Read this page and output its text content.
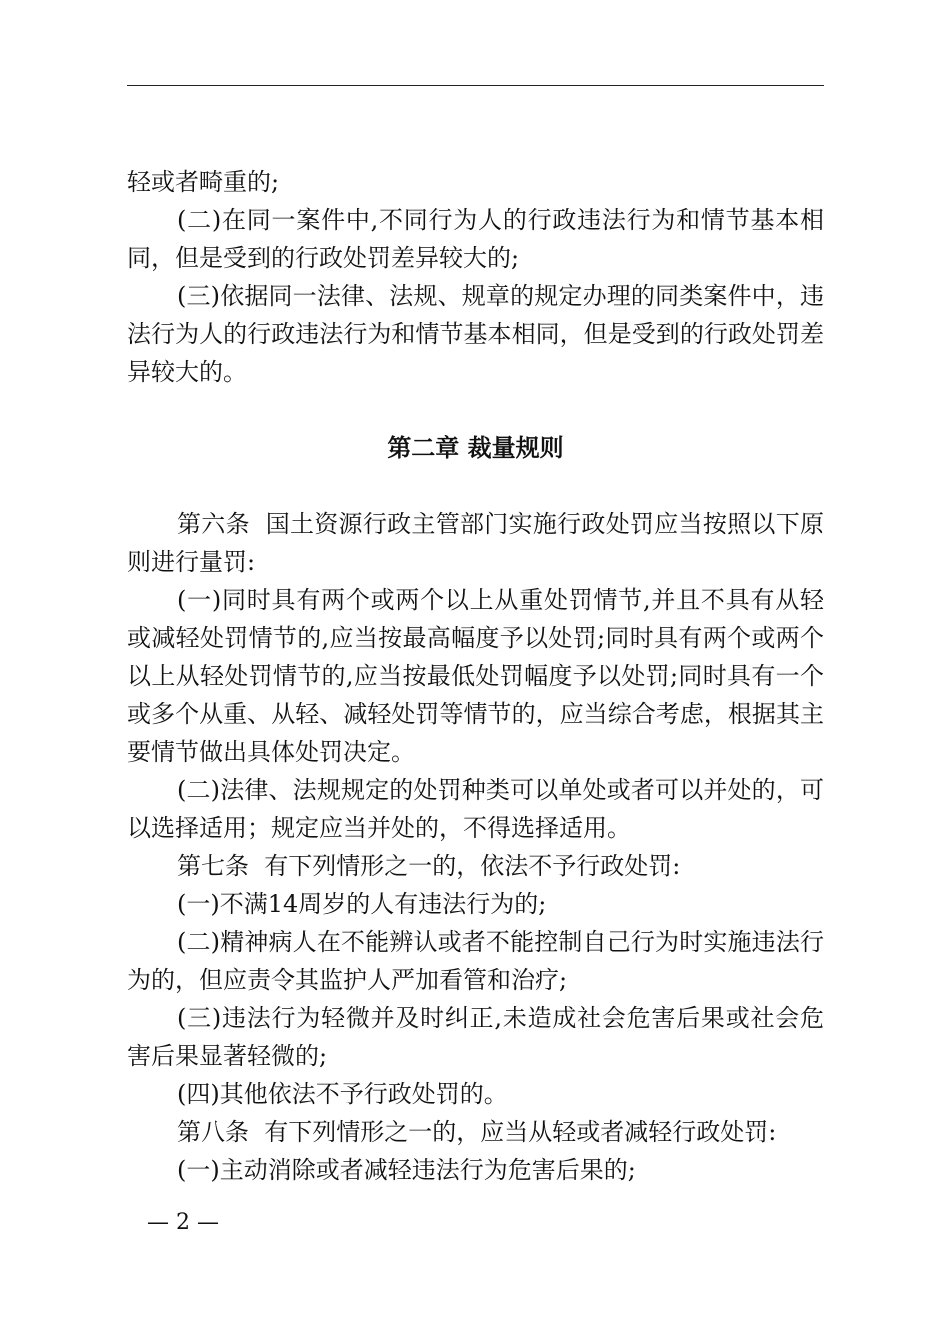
轻或者畸重的;

(二)在同一案件中,不同行为人的行政违法行为和情节基本相同，但是受到的行政处罚差异较大的;

(三)依据同一法律、法规、规章的规定办理的同类案件中，违法行为人的行政违法行为和情节基本相同，但是受到的行政处罚差异较大的。

第二章 裁量规则

第六条  国土资源行政主管部门实施行政处罚应当按照以下原则进行量罚:

(一)同时具有两个或两个以上从重处罚情节,并且不具有从轻或减轻处罚情节的,应当按最高幅度予以处罚;同时具有两个或两个以上从轻处罚情节的,应当按最低处罚幅度予以处罚;同时具有一个或多个从重、从轻、减轻处罚等情节的，应当综合考虑，根据其主要情节做出具体处罚决定。

(二)法律、法规规定的处罚种类可以单处或者可以并处的，可以选择适用；规定应当并处的，不得选择适用。

第七条  有下列情形之一的，依法不予行政处罚:

(一)不满14周岁的人有违法行为的;

(二)精神病人在不能辨认或者不能控制自己行为时实施违法行为的，但应责令其监护人严加看管和治疗;

(三)违法行为轻微并及时纠正,未造成社会危害后果或社会危害后果显著轻微的;

(四)其他依法不予行政处罚的。

第八条  有下列情形之一的，应当从轻或者减轻行政处罚:

(一)主动消除或者减轻违法行为危害后果的;

— 2 —
